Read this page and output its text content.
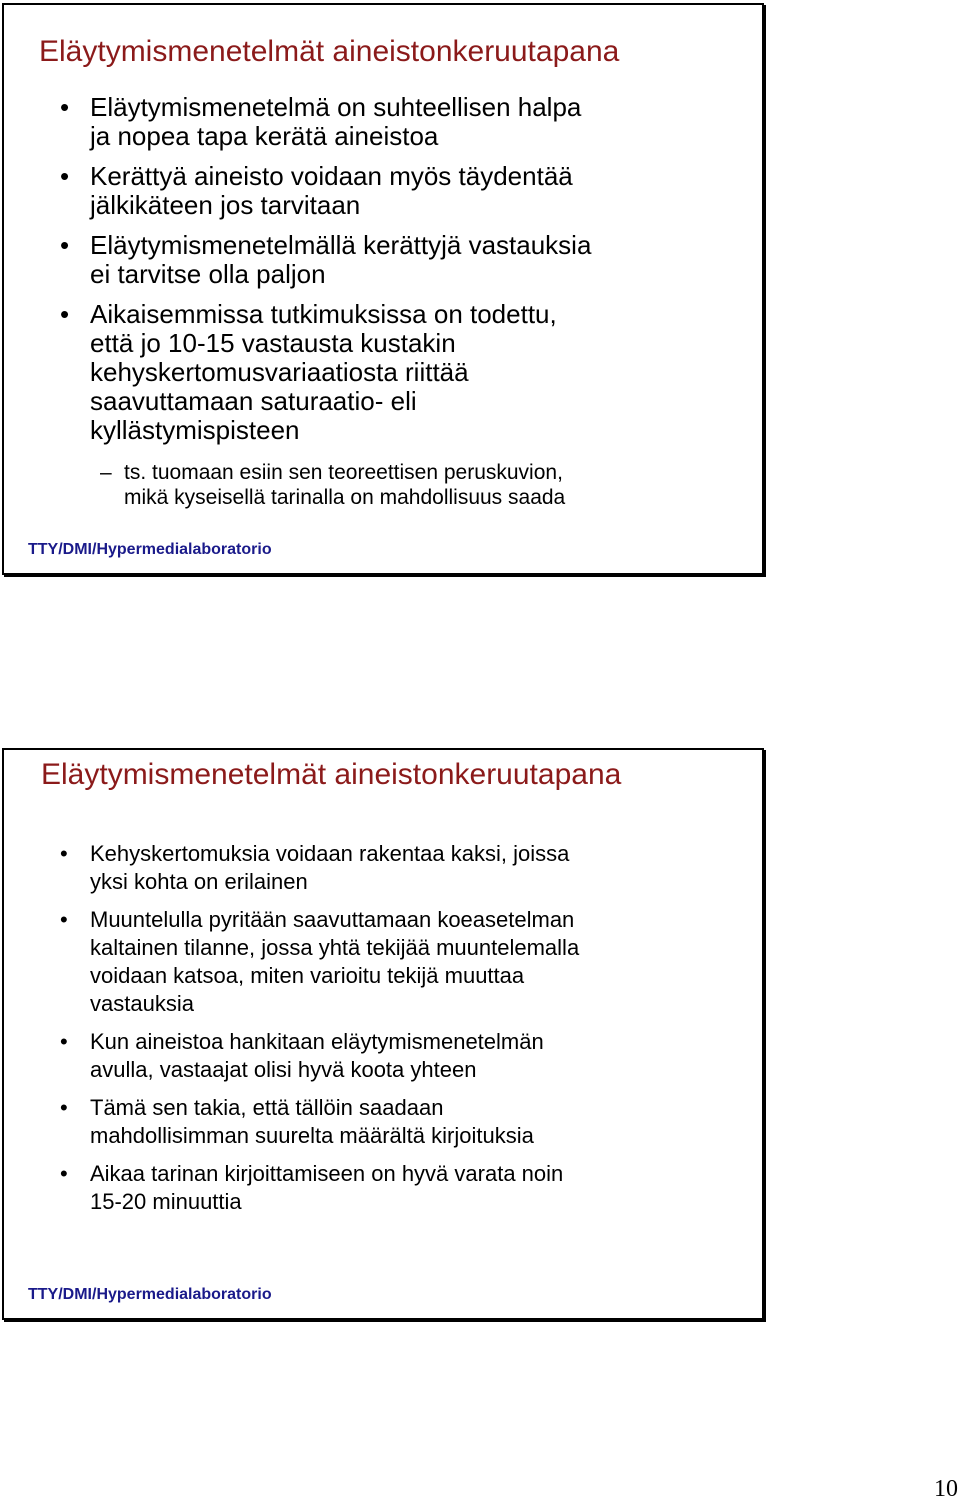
Eläytymismenetelmät aineistonkeruutapana
• Eläytymismenetelmä on suhteellisen halpa
ja nopea tapa kerätä aineistoa
• Kerättyä aineisto voidaan myös täydentää
jälkikäteen jos tarvitaan
• Eläytymismenetelmällä kerättyjä vastauksia
ei tarvitse olla paljon
• Aikaisemmissa tutkimuksissa on todettu,
että jo 10-15 vastausta kustakin
kehyskertomusvariaatiosta riittää
saavuttamaan saturaatio- eli
kyllästymispisteen
– ts. tuomaan esiin sen teoreettisen peruskuvion,
mikä kyseisellä tarinalla on mahdollisuus saada
TTY/DMI/Hypermedialaboratorio
Eläytymismenetelmät aineistonkeruutapana
• Kehyskertomuksia voidaan rakentaa kaksi, joissa
yksi kohta on erilainen
• Muuntelulla pyritään saavuttamaan koeasetelman
kaltainen tilanne, jossa yhtä tekijää muuntelemalla
voidaan katsoa, miten varioitu tekijä muuttaa
vastauksia
• Kun aineistoa hankitaan eläytymismenetelmän
avulla, vastaajat olisi hyvä koota yhteen
• Tämä sen takia, että tällöin saadaan
mahdollisimman suurelta määrältä kirjoituksia
• Aikaa tarinan kirjoittamiseen on hyvä varata noin
15-20 minuuttia
TTY/DMI/Hypermedialaboratorio
10
